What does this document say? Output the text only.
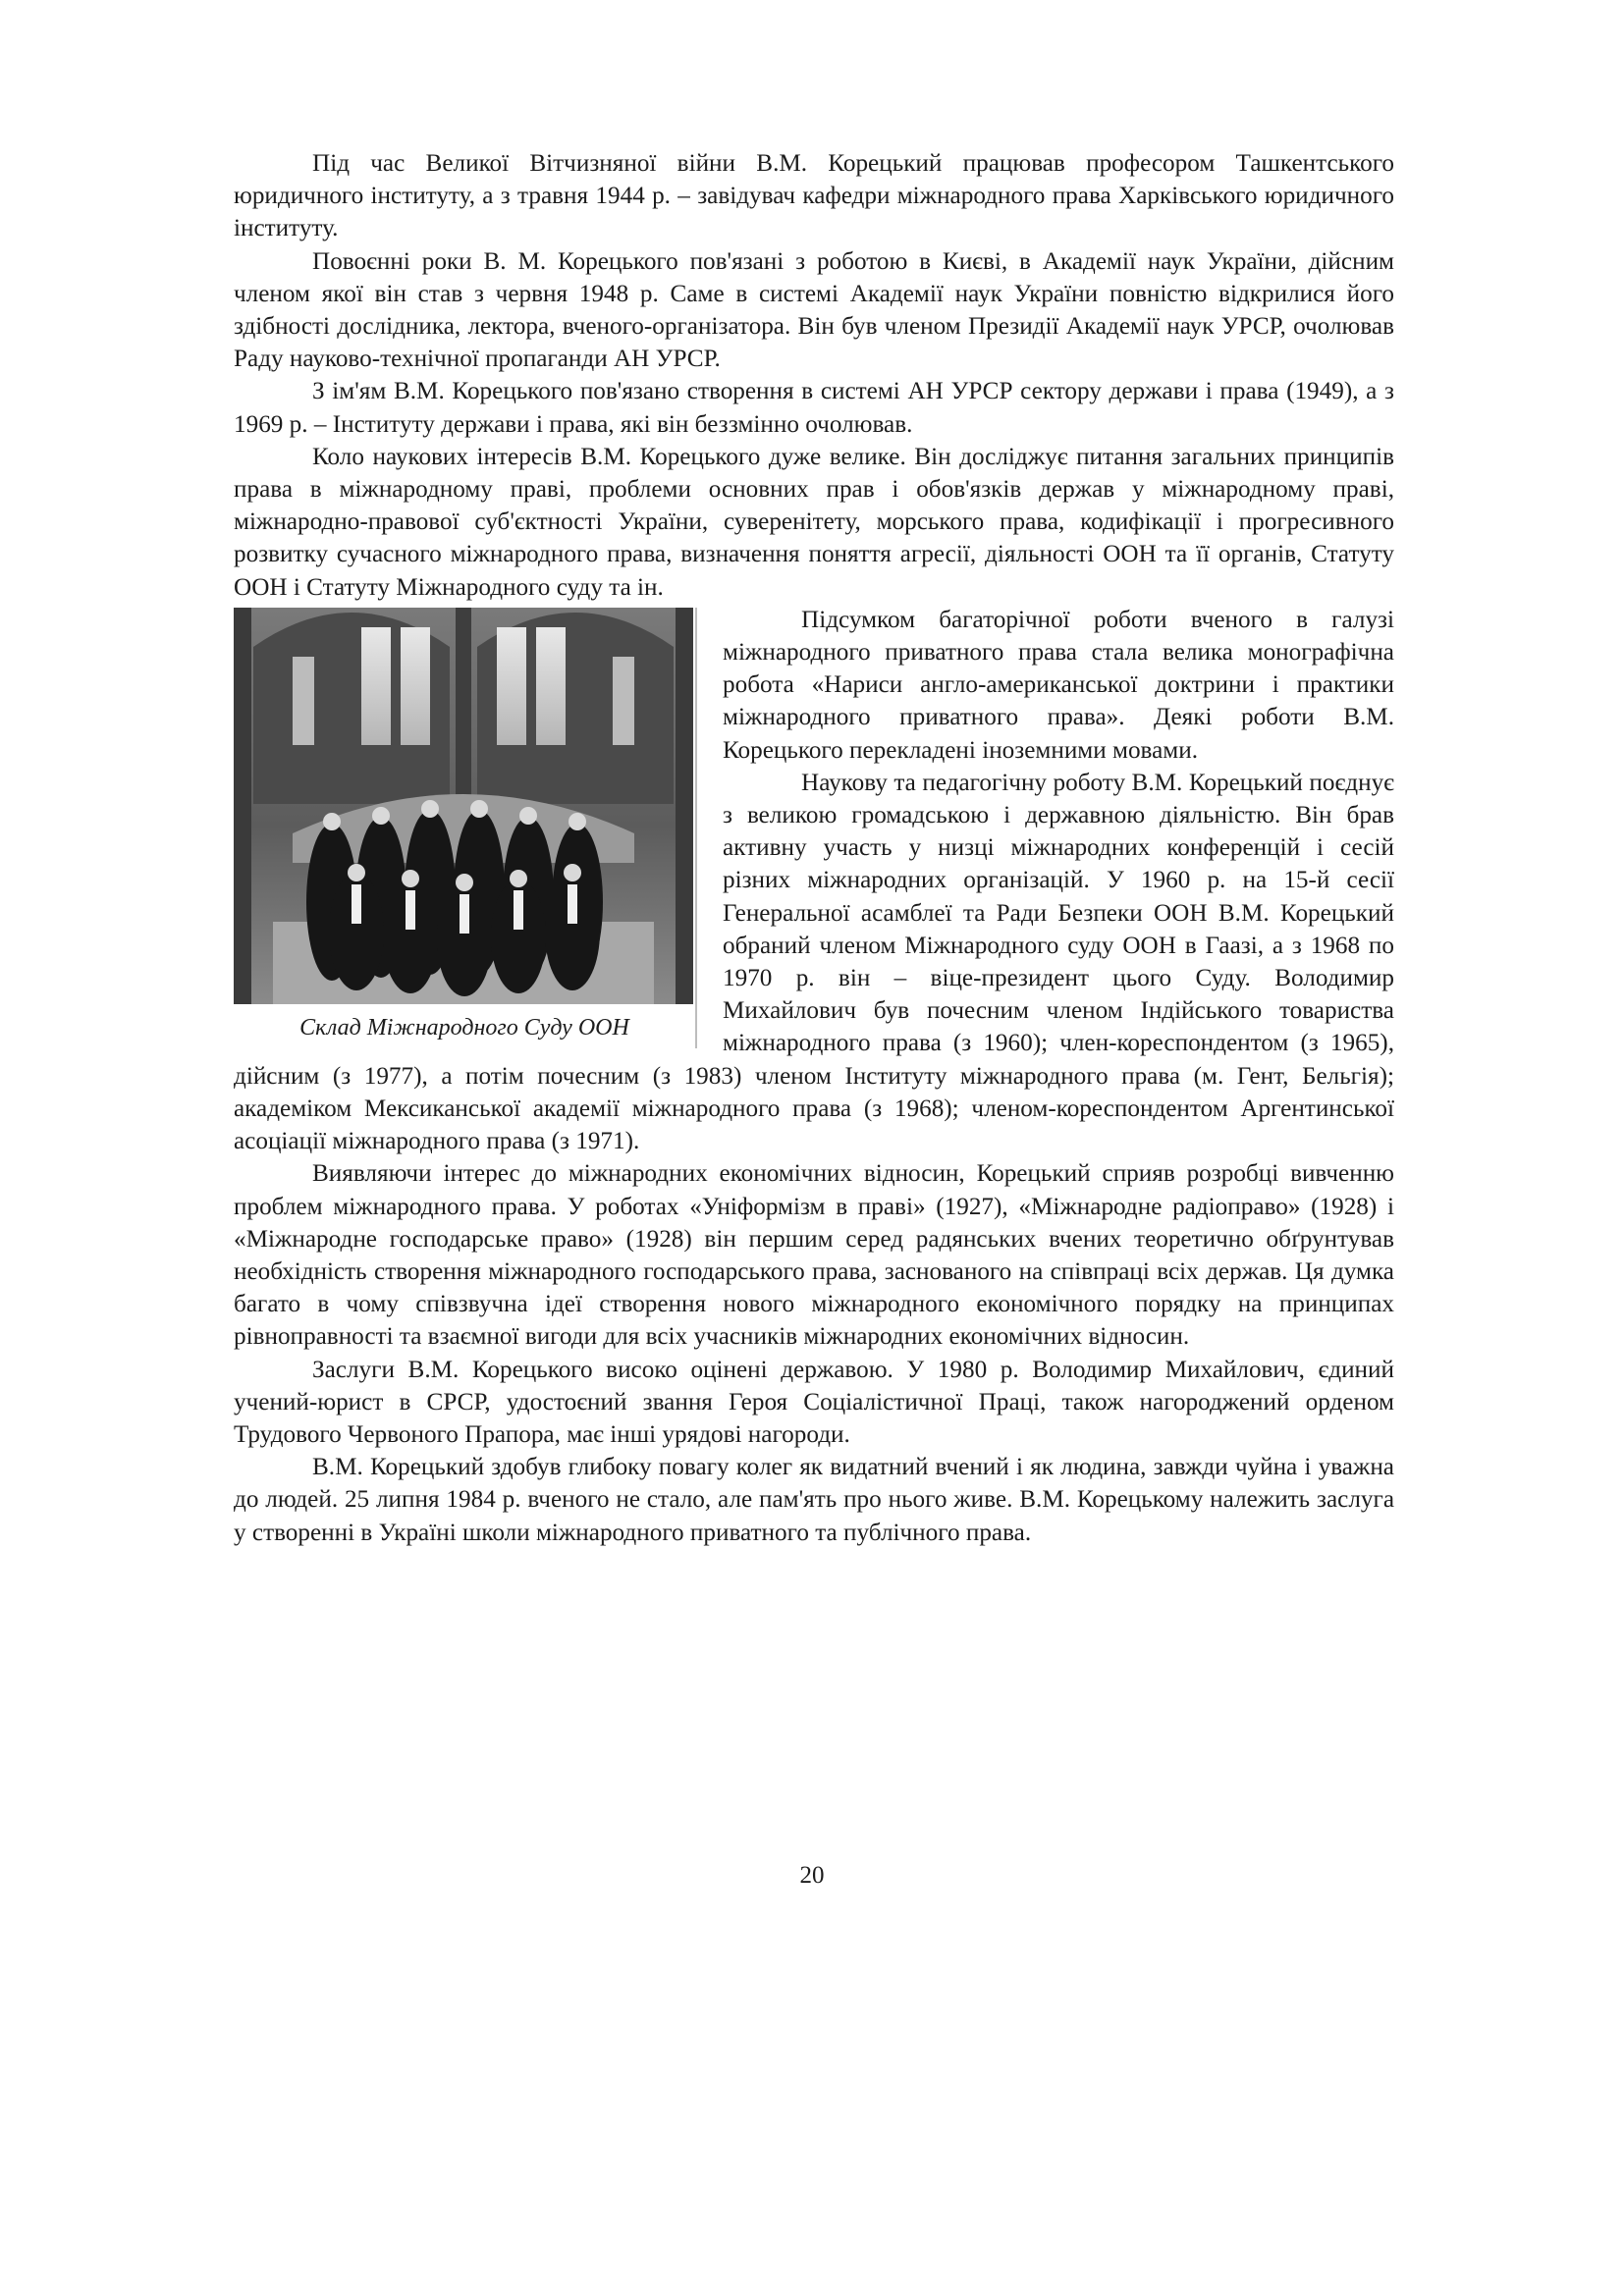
Під час Великої Вітчизняної війни В.М. Корецький працював професором Ташкентського юридичного інституту, а з травня 1944 р. – завідувач кафедри міжнародного права Харківського юридичного інституту.

Повоєнні роки В. М. Корецького пов'язані з роботою в Києві, в Академії наук України, дійсним членом якої він став з червня 1948 р. Саме в системі Академії наук України повністю відкрилися його здібності дослідника, лектора, вченого-організатора. Він був членом Президії Академії наук УРСР, очолював Раду науково-технічної пропаганди АН УРСР.

З ім'ям В.М. Корецького пов'язано створення в системі АН УРСР сектору держави і права (1949), а з 1969 р. – Інституту держави і права, які він беззмінно очолював.

Коло наукових інтересів В.М. Корецького дуже велике. Він досліджує питання загальних принципів права в міжнародному праві, проблеми основних прав і обов'язків держав у міжнародному праві, міжнародно-правової суб'єктності України, суверенітету, морського права, кодифікації і прогресивного розвитку сучасного міжнародного права, визначення поняття агресії, діяльності ООН та її органів, Статуту ООН і Статуту Міжнародного суду та ін.

Склад Міжнародного Суду ООН

Підсумком багаторічної роботи вченого в галузі міжнародного приватного права стала велика монографічна робота «Нариси англо-американської доктрини і практики міжнародного приватного права». Деякі роботи В.М. Корецького перекладені іноземними мовами.

Наукову та педагогічну роботу В.М. Корецький поєднує з великою громадською і державною діяльністю. Він брав активну участь у низці міжнародних конференцій і сесій різних міжнародних організацій. У 1960 р. на 15-й сесії Генеральної асамблеї та Ради Безпеки ООН В.М. Корецький обраний членом Міжнародного суду ООН в Гаазі, а з 1968 по 1970 р. він – віце-президент цього Суду. Володимир Михайлович був почесним членом Індійського товариства міжнародного права (з 1960); член-кореспондентом (з 1965), дійсним (з 1977), а потім почесним (з 1983) членом Інституту міжнародного права (м. Гент, Бельгія); академіком Мексиканської академії міжнародного права (з 1968); членом-кореспондентом Аргентинської асоціації міжнародного права (з 1971).

Виявляючи інтерес до міжнародних економічних відносин, Корецький сприяв розробці вивченню проблем міжнародного права. У роботах «Уніформізм в праві» (1927), «Міжнародне радіоправо» (1928) і «Міжнародне господарське право» (1928) він першим серед радянських вчених теоретично обґрунтував необхідність створення міжнародного господарського права, заснованого на співпраці всіх держав. Ця думка багато в чому співзвучна ідеї створення нового міжнародного економічного порядку на принципах рівноправності та взаємної вигоди для всіх учасників міжнародних економічних відносин.

Заслуги В.М. Корецького високо оцінені державою. У 1980 р. Володимир Михайлович, єдиний учений-юрист в СРСР, удостоєний звання Героя Соціалістичної Праці, також нагороджений орденом Трудового Червоного Прапора, має інші урядові нагороди.

В.М. Корецький здобув глибоку повагу колег як видатний вчений і як людина, завжди чуйна і уважна до людей. 25 липня 1984 р. вченого не стало, але пам'ять про нього живе. В.М. Корецькому належить заслуга у створенні в Україні школи міжнародного приватного та публічного права.

20
